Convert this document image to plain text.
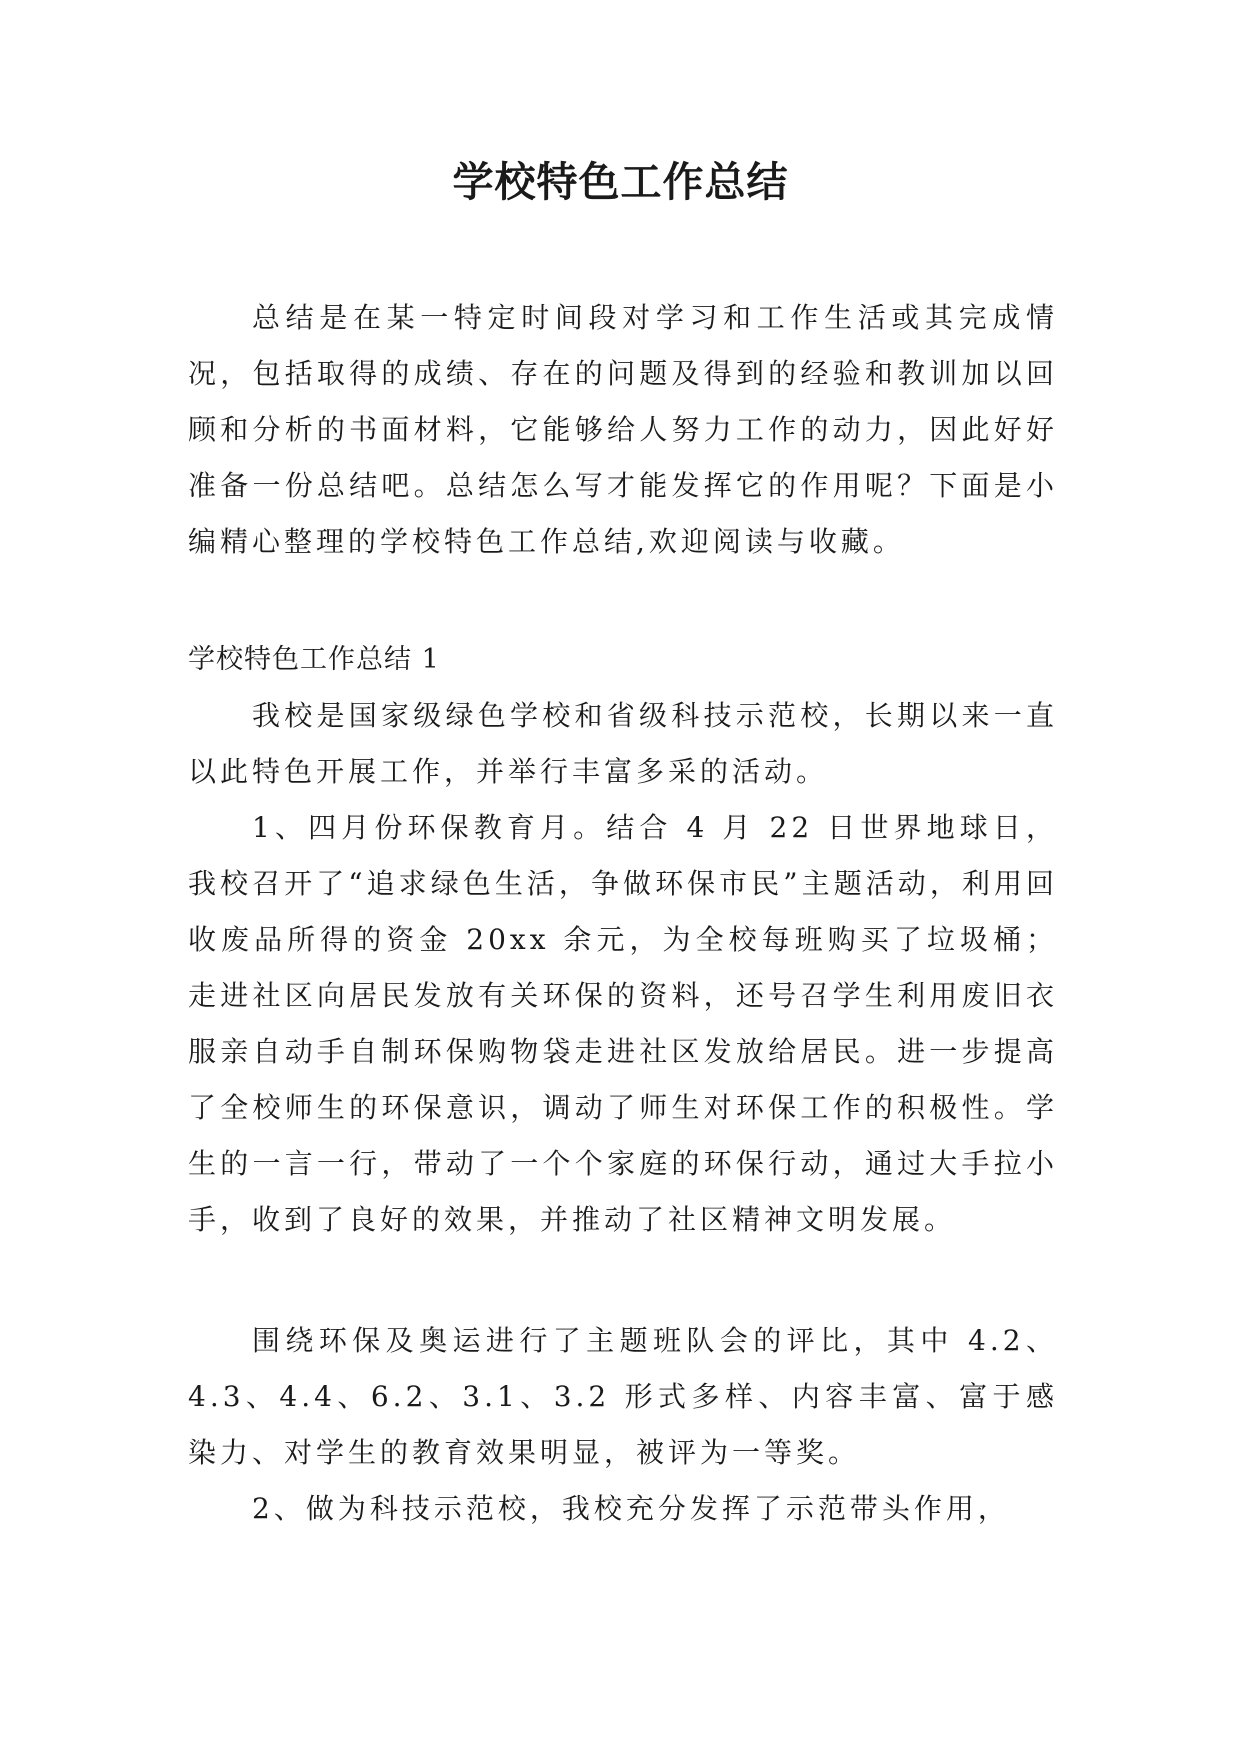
学校特色工作总结

总结是在某一特定时间段对学习和工作生活或其完成情况，包括取得的成绩、存在的问题及得到的经验和教训加以回顾和分析的书面材料，它能够给人努力工作的动力，因此好好准备一份总结吧。总结怎么写才能发挥它的作用呢？下面是小编精心整理的学校特色工作总结,欢迎阅读与收藏。

学校特色工作总结 1

我校是国家级绿色学校和省级科技示范校，长期以来一直以此特色开展工作，并举行丰富多采的活动。

1、四月份环保教育月。结合 4 月 22 日世界地球日，我校召开了“追求绿色生活，争做环保市民”主题活动，利用回收废品所得的资金 20xx 余元，为全校每班购买了垃圾桶；走进社区向居民发放有关环保的资料，还号召学生利用废旧衣服亲自动手自制环保购物袋走进社区发放给居民。进一步提高了全校师生的环保意识，调动了师生对环保工作的积极性。学生的一言一行，带动了一个个家庭的环保行动，通过大手拉小手，收到了良好的效果，并推动了社区精神文明发展。

围绕环保及奥运进行了主题班队会的评比，其中 4.2、4.3、4.4、6.2、3.1、3.2 形式多样、内容丰富、富于感染力、对学生的教育效果明显，被评为一等奖。

2、做为科技示范校，我校充分发挥了示范带头作用，
